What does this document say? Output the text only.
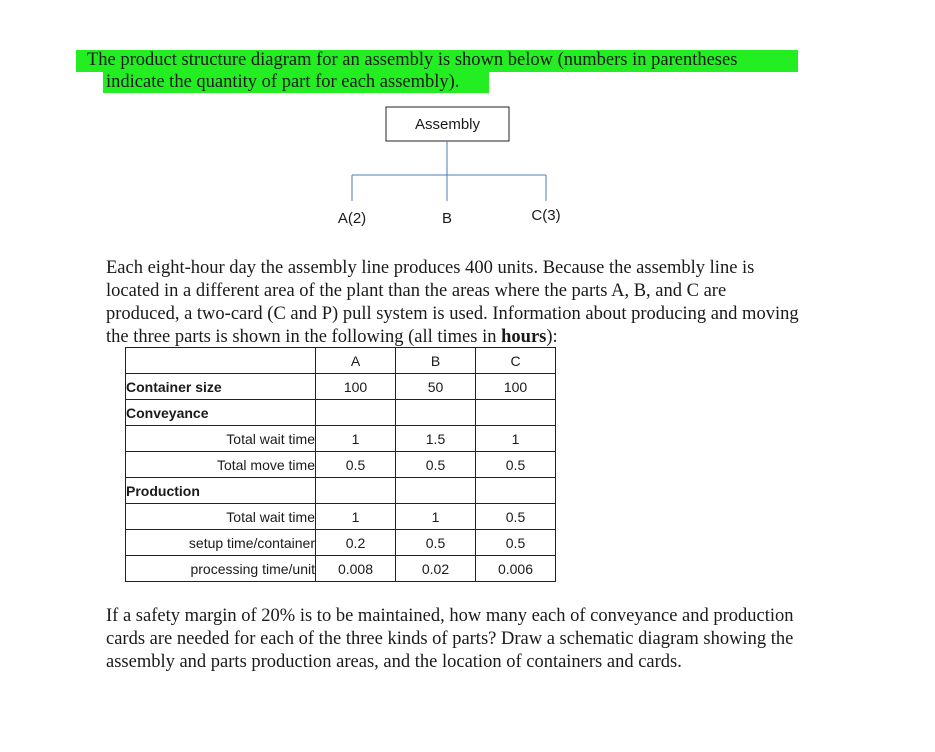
The product structure diagram for an assembly is shown below (numbers in parentheses
indicate the quantity of part for each assembly).
Assembly
A(2)	B	C(3)
Each eight-hour day the assembly line produces 400 units. Because the assembly line is
located in a different area of the plant than the areas where the parts A, B, and C are
produced, a two-card (C and P) pull system is used. Information about producing and moving
the three parts is shown in the following (all times in hours):
	A	B	C
Container size	100	50	100
Conveyance			
Total wait time	1	1.5	1
Total move time	0.5	0.5	0.5
Production			
Total wait time	1	1	0.5
setup time/container	0.2	0.5	0.5
processing time/unit	0.008	0.02	0.006
If a safety margin of 20% is to be maintained, how many each of conveyance and production
cards are needed for each of the three kinds of parts? Draw a schematic diagram showing the
assembly and parts production areas, and the location of containers and cards.
